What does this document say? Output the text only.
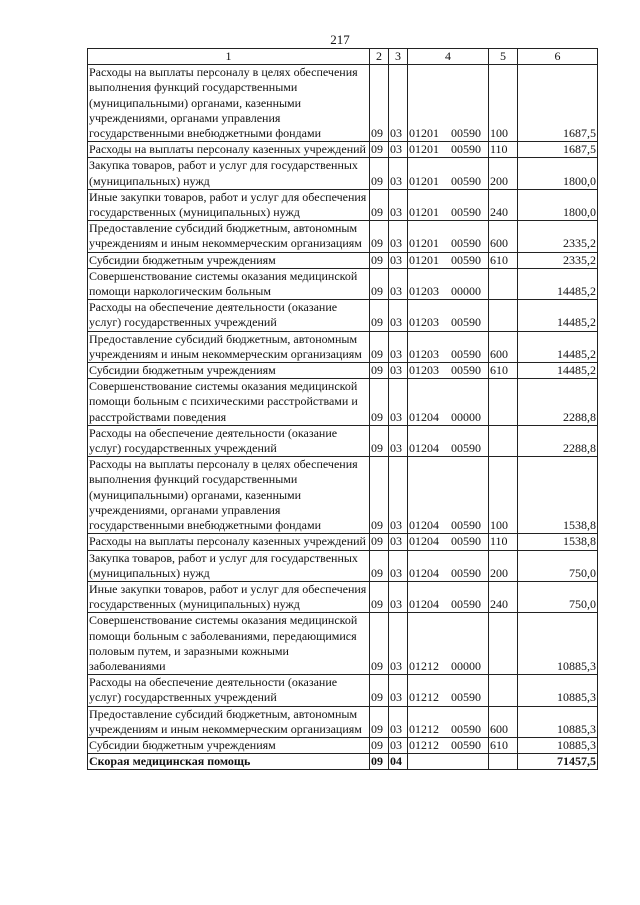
217
1	2	3	4	5	6
Расходы на выплаты персоналу в целях обеспечения выполнения функций государственными (муниципальными) органами, казенными учреждениями, органами управления государственными внебюджетными фондами	09	03	01201 00590	100	1687,5
Расходы на выплаты персоналу казенных учреждений	09	03	01201 00590	110	1687,5
Закупка товаров, работ и услуг для государственных (муниципальных) нужд	09	03	01201 00590	200	1800,0
Иные закупки товаров, работ и услуг для обеспечения государственных (муниципальных) нужд	09	03	01201 00590	240	1800,0
Предоставление субсидий бюджетным, автономным учреждениям и иным некоммерческим организациям	09	03	01201 00590	600	2335,2
Субсидии бюджетным учреждениям	09	03	01201 00590	610	2335,2
Совершенствование системы оказания медицинской помощи наркологическим больным	09	03	01203 00000		14485,2
Расходы на обеспечение деятельности (оказание услуг) государственных учреждений	09	03	01203 00590		14485,2
Предоставление субсидий бюджетным, автономным учреждениям и иным некоммерческим организациям	09	03	01203 00590	600	14485,2
Субсидии бюджетным учреждениям	09	03	01203 00590	610	14485,2
Совершенствование системы оказания медицинской помощи больным с психическими расстройствами и расстройствами поведения	09	03	01204 00000		2288,8
Расходы на обеспечение деятельности (оказание услуг) государственных учреждений	09	03	01204 00590		2288,8
Расходы на выплаты персоналу в целях обеспечения выполнения функций государственными (муниципальными) органами, казенными учреждениями, органами управления государственными внебюджетными фондами	09	03	01204 00590	100	1538,8
Расходы на выплаты персоналу казенных учреждений	09	03	01204 00590	110	1538,8
Закупка товаров, работ и услуг для государственных (муниципальных) нужд	09	03	01204 00590	200	750,0
Иные закупки товаров, работ и услуг для обеспечения государственных (муниципальных) нужд	09	03	01204 00590	240	750,0
Совершенствование системы оказания медицинской помощи больным с заболеваниями, передающимися половым путем, и заразными кожными заболеваниями	09	03	01212 00000		10885,3
Расходы на обеспечение деятельности (оказание услуг) государственных учреждений	09	03	01212 00590		10885,3
Предоставление субсидий бюджетным, автономным учреждениям и иным некоммерческим организациям	09	03	01212 00590	600	10885,3
Субсидии бюджетным учреждениям	09	03	01212 00590	610	10885,3
Скорая медицинская помощь	09	04			71457,5
